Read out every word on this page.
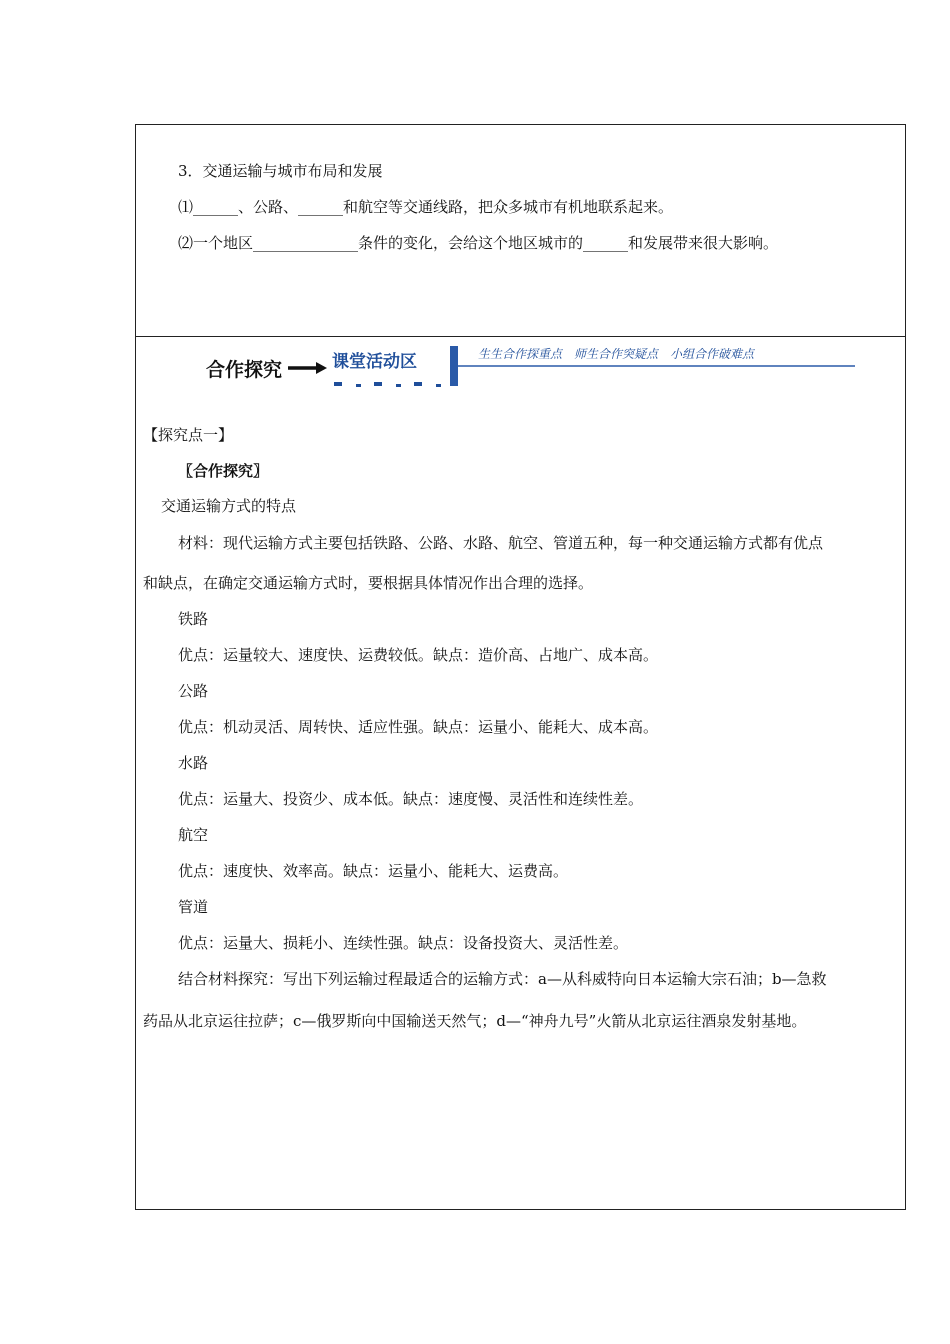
3．交通运输与城市布局和发展
⑴______、公路、______和航空等交通线路，把众多城市有机地联系起来。
⑵一个地区______________条件的变化，会给这个地区城市的______和发展带来很大影响。
合作探究	课堂活动区	生生合作探重点　师生合作突疑点　小组合作破难点
【探究点一】
〖合作探究〗
交通运输方式的特点
材料：现代运输方式主要包括铁路、公路、水路、航空、管道五种，每一种交通运输方式都有优点
和缺点，在确定交通运输方式时，要根据具体情况作出合理的选择。
铁路
优点：运量较大、速度快、运费较低。缺点：造价高、占地广、成本高。
公路
优点：机动灵活、周转快、适应性强。缺点：运量小、能耗大、成本高。
水路
优点：运量大、投资少、成本低。缺点：速度慢、灵活性和连续性差。
航空
优点：速度快、效率高。缺点：运量小、能耗大、运费高。
管道
优点：运量大、损耗小、连续性强。缺点：设备投资大、灵活性差。
结合材料探究：写出下列运输过程最适合的运输方式：a—从科威特向日本运输大宗石油；b—急救
药品从北京运往拉萨；c—俄罗斯向中国输送天然气；d—“神舟九号”火箭从北京运往酒泉发射基地。
